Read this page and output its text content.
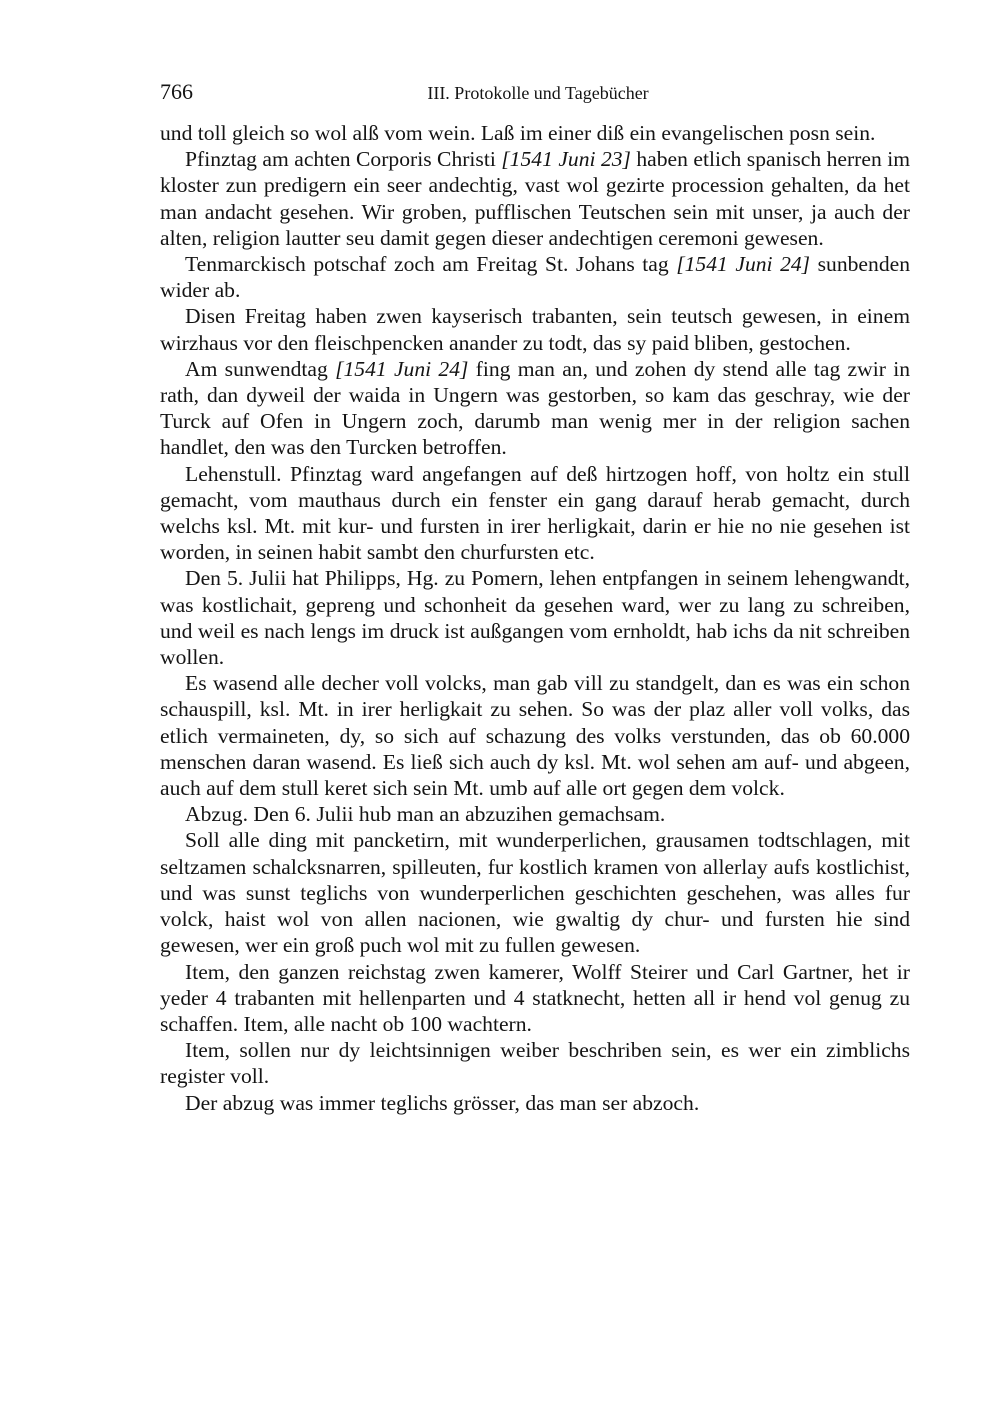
766	III. Protokolle und Tagebücher

und toll gleich so wol alß vom wein. Laß im einer diß ein evangelischen posn sein.

Pfinztag am achten Corporis Christi [1541 Juni 23] haben etlich spanisch herren im kloster zun predigern ein seer andechtig, vast wol gezirte procession gehalten, da het man andacht gesehen. Wir groben, pufflischen Teutschen sein mit unser, ja auch der alten, religion lautter seu damit gegen dieser andechtigen ceremoni gewesen.

Tenmarckisch potschaf zoch am Freitag St. Johans tag [1541 Juni 24] sunbenden wider ab.

Disen Freitag haben zwen kayserisch trabanten, sein teutsch gewesen, in einem wirzhaus vor den fleischpencken anander zu todt, das sy paid bliben, gestochen.

Am sunwendtag [1541 Juni 24] fing man an, und zohen dy stend alle tag zwir in rath, dan dyweil der waida in Ungern was gestorben, so kam das geschray, wie der Turck auf Ofen in Ungern zoch, darumb man wenig mer in der religion sachen handlet, den was den Turcken betroffen.

Lehenstull. Pfinztag ward angefangen auf deß hirtzogen hoff, von holtz ein stull gemacht, vom mauthaus durch ein fenster ein gang darauf herab gemacht, durch welchs ksl. Mt. mit kur- und fursten in irer herligkait, darin er hie no nie gesehen ist worden, in seinen habit sambt den churfursten etc.

Den 5. Julii hat Philipps, Hg. zu Pomern, lehen entpfangen in seinem lehengwandt, was kostlichait, gepreng und schonheit da gesehen ward, wer zu lang zu schreiben, und weil es nach lengs im druck ist außgangen vom ernholdt, hab ichs da nit schreiben wollen.

Es wasend alle decher voll volcks, man gab vill zu standgelt, dan es was ein schon schauspill, ksl. Mt. in irer herligkait zu sehen. So was der plaz aller voll volks, das etlich vermaineten, dy, so sich auf schazung des volks verstunden, das ob 60.000 menschen daran wasend. Es ließ sich auch dy ksl. Mt. wol sehen am auf- und abgeen, auch auf dem stull keret sich sein Mt. umb auf alle ort gegen dem volck.

Abzug. Den 6. Julii hub man an abzuzihen gemachsam.

Soll alle ding mit pancketirn, mit wunderperlichen, grausamen todtschlagen, mit seltzamen schalcksnarren, spilleuten, fur kostlich kramen von allerlay aufs kostlichist, und was sunst teglichs von wunderperlichen geschichten geschehen, was alles fur volck, haist wol von allen nacionen, wie gwaltig dy chur- und fursten hie sind gewesen, wer ein groß puch wol mit zu fullen gewesen.

Item, den ganzen reichstag zwen kamerer, Wolff Steirer und Carl Gartner, het ir yeder 4 trabanten mit hellenparten und 4 statknecht, hetten all ir hend vol genug zu schaffen. Item, alle nacht ob 100 wachtern.

Item, sollen nur dy leichtsinnigen weiber beschriben sein, es wer ein zimblichs register voll.

Der abzug was immer teglichs grösser, das man ser abzoch.
